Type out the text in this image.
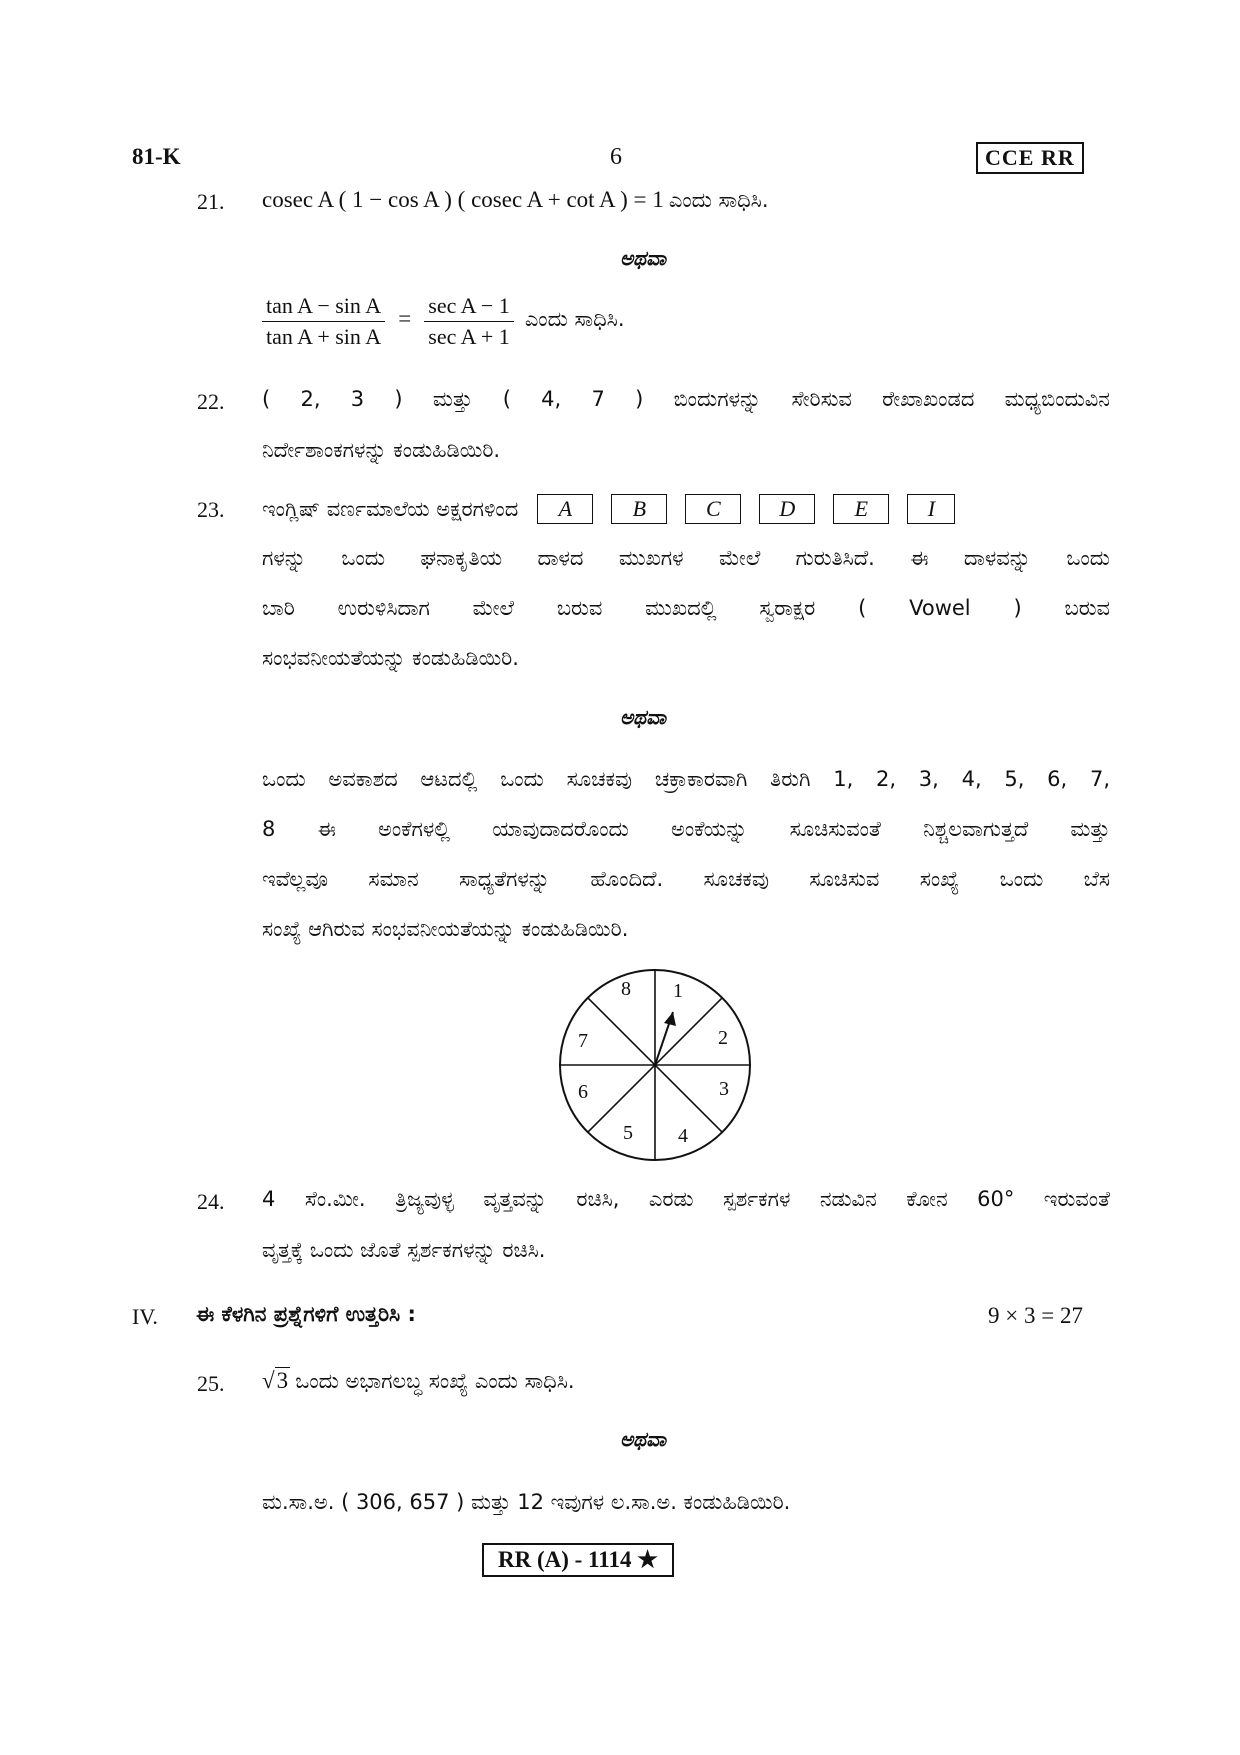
81-K	6	CCE RR
21. cosec A ( 1 − cos A ) ( cosec A + cot A ) = 1 ಎಂದು ಸಾಧಿಸಿ.
ಅಥವಾ
$\frac{\text{tan A − sin A}}{\text{tan A + sin A}} = \frac{\text{sec A − 1}}{\text{sec A + 1}}$ ಎಂದು ಸಾಧಿಸಿ.
22. ( 2, 3 ) ಮತ್ತು ( 4, 7 ) ಬಿಂದುಗಳನ್ನು ಸೇರಿಸುವ ರೇಖಾಖಂಡದ ಮಧ್ಯಬಿಂದುವಿನ
ನಿರ್ದೇಶಾಂಕಗಳನ್ನು ಕಂಡುಹಿಡಿಯಿರಿ.
23. ಇಂಗ್ಲಿಷ್ ವರ್ಣಮಾಲೆಯ ಅಕ್ಷರಗಳಿಂದ A	B	C	D	E	I
ಗಳನ್ನು ಒಂದು ಘನಾಕೃತಿಯ ದಾಳದ ಮುಖಗಳ ಮೇಲೆ ಗುರುತಿಸಿದೆ. ಈ ದಾಳವನ್ನು ಒಂದು
ಬಾರಿ ಉರುಳಿಸಿದಾಗ ಮೇಲೆ ಬರುವ ಮುಖದಲ್ಲಿ ಸ್ವರಾಕ್ಷರ ( Vowel ) ಬರುವ
ಸಂಭವನೀಯತೆಯನ್ನು ಕಂಡುಹಿಡಿಯಿರಿ.
ಅಥವಾ
ಒಂದು ಅವಕಾಶದ ಆಟದಲ್ಲಿ ಒಂದು ಸೂಚಕವು ಚಕ್ರಾಕಾರವಾಗಿ ತಿರುಗಿ 1, 2, 3, 4, 5, 6, 7,
8 ಈ ಅಂಕೆಗಳಲ್ಲಿ ಯಾವುದಾದರೊಂದು ಅಂಕೆಯನ್ನು ಸೂಚಿಸುವಂತೆ ನಿಶ್ಚಲವಾಗುತ್ತದೆ ಮತ್ತು
ಇವೆಲ್ಲವೂ ಸಮಾನ ಸಾಧ್ಯತೆಗಳನ್ನು ಹೊಂದಿದೆ. ಸೂಚಕವು ಸೂಚಿಸುವ ಸಂಖ್ಯೆ ಒಂದು ಬೆಸ
ಸಂಖ್ಯೆ ಆಗಿರುವ ಸಂಭವನೀಯತೆಯನ್ನು ಕಂಡುಹಿಡಿಯಿರಿ.
1
2
3
4
5
6
7
8
24. 4 ಸೆಂ.ಮೀ. ತ್ರಿಜ್ಯವುಳ್ಳ ವೃತ್ತವನ್ನು ರಚಿಸಿ, ಎರಡು ಸ್ಪರ್ಶಕಗಳ ನಡುವಿನ ಕೋನ 60° ಇರುವಂತೆ
ವೃತ್ತಕ್ಕೆ ಒಂದು ಜೊತೆ ಸ್ಪರ್ಶಕಗಳನ್ನು ರಚಿಸಿ.
IV. ಈ ಕೆಳಗಿನ ಪ್ರಶ್ನೆಗಳಿಗೆ ಉತ್ತರಿಸಿ :	9 × 3 = 27
25. √3 ಒಂದು ಅಭಾಗಲಬ್ಧ ಸಂಖ್ಯೆ ಎಂದು ಸಾಧಿಸಿ.
ಅಥವಾ
ಮ.ಸಾ.ಅ. ( 306, 657 ) ಮತ್ತು 12 ಇವುಗಳ ಲ.ಸಾ.ಅ. ಕಂಡುಹಿಡಿಯಿರಿ.
RR (A) - 1114 ★
